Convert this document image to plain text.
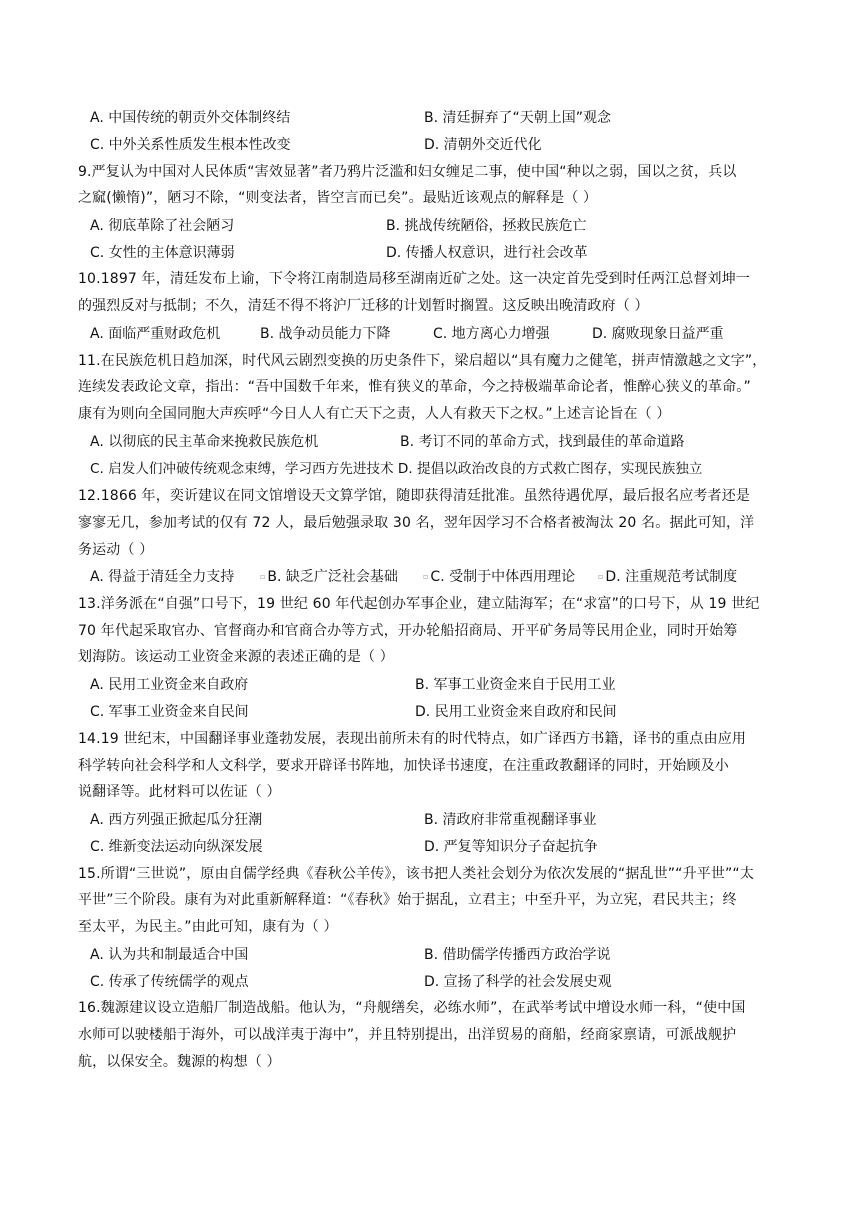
A. 中国传统的朝贡外交体制终结	B. 清廷摒弃了“天朝上国”观念
C. 中外关系性质发生根本性改变	D. 清朝外交近代化
9.严复认为中国对人民体质“害效显著”者乃鸦片泛滥和妇女缠足二事，使中国“种以之弱，国以之贫，兵以
之窳(懒惰)”，陋习不除，“则变法者，皆空言而已矣”。最贴近该观点的解释是（ ）
A. 彻底革除了社会陋习	B. 挑战传统陋俗，拯救民族危亡
C. 女性的主体意识薄弱	D. 传播人权意识，进行社会改革
10.1897 年，清廷发布上谕，下令将江南制造局移至湖南近矿之处。这一决定首先受到时任两江总督刘坤一
的强烈反对与抵制；不久，清廷不得不将沪厂迁移的计划暂时搁置。这反映出晚清政府（ ）
A. 面临严重财政危机	B. 战争动员能力下降	C. 地方离心力增强	D. 腐败现象日益严重
11.在民族危机日趋加深，时代风云剧烈变换的历史条件下，梁启超以“具有魔力之健笔，拼声情激越之文字”，
连续发表政论文章，指出：“吾中国数千年来，惟有狭义的革命，今之持极端革命论者，惟醉心狭义的革命。”
康有为则向全国同胞大声疾呼“今日人人有亡天下之责，人人有救天下之权。”上述言论旨在（ ）
A. 以彻底的民主革命来挽救民族危机	B. 考订不同的革命方式，找到最佳的革命道路
C. 启发人们冲破传统观念束缚，学习西方先进技术 D. 提倡以政治改良的方式救亡图存，实现民族独立
12.1866 年，奕䜣建议在同文馆增设天文算学馆，随即获得清廷批准。虽然待遇优厚，最后报名应考者还是
寥寥无几，参加考试的仅有 72 人，最后勉强录取 30 名，翌年因学习不合格者被淘汰 20 名。据此可知，洋
务运动（ ）
A. 得益于清廷全力支持	▫ B. 缺乏广泛社会基础	▫ C. 受制于中体西用理论	▫ D. 注重规范考试制度
13.洋务派在“自强”口号下，19 世纪 60 年代起创办军事企业，建立陆海军；在“求富”的口号下，从 19 世纪
70 年代起采取官办、官督商办和官商合办等方式，开办轮船招商局、开平矿务局等民用企业，同时开始筹
划海防。该运动工业资金来源的表述正确的是（ ）
A. 民用工业资金来自政府	B. 军事工业资金来自于民用工业
C. 军事工业资金来自民间	D. 民用工业资金来自政府和民间
14.19 世纪末，中国翻译事业蓬勃发展，表现出前所未有的时代特点，如广译西方书籍，译书的重点由应用
科学转向社会科学和人文科学，要求开辟译书阵地，加快译书速度，在注重政教翻译的同时，开始顾及小
说翻译等。此材料可以佐证（ ）
A. 西方列强正掀起瓜分狂潮	B. 清政府非常重视翻译事业
C. 维新变法运动向纵深发展	D. 严复等知识分子奋起抗争
15.所谓“三世说”，原由自儒学经典《春秋公羊传》，该书把人类社会划分为依次发展的“据乱世”“升平世”“太
平世”三个阶段。康有为对此重新解释道：“《春秋》始于据乱，立君主；中至升平，为立宪，君民共主；终
至太平，为民主。”由此可知，康有为（ ）
A. 认为共和制最适合中国	B. 借助儒学传播西方政治学说
C. 传承了传统儒学的观点	D. 宣扬了科学的社会发展史观
16.魏源建议设立造船厂制造战船。他认为，“舟舰缮矣，必练水师”，在武举考试中增设水师一科，“使中国
水师可以驶楼船于海外，可以战洋夷于海中”，并且特别提出，出洋贸易的商船，经商家禀请，可派战舰护
航，以保安全。魏源的构想（ ）
